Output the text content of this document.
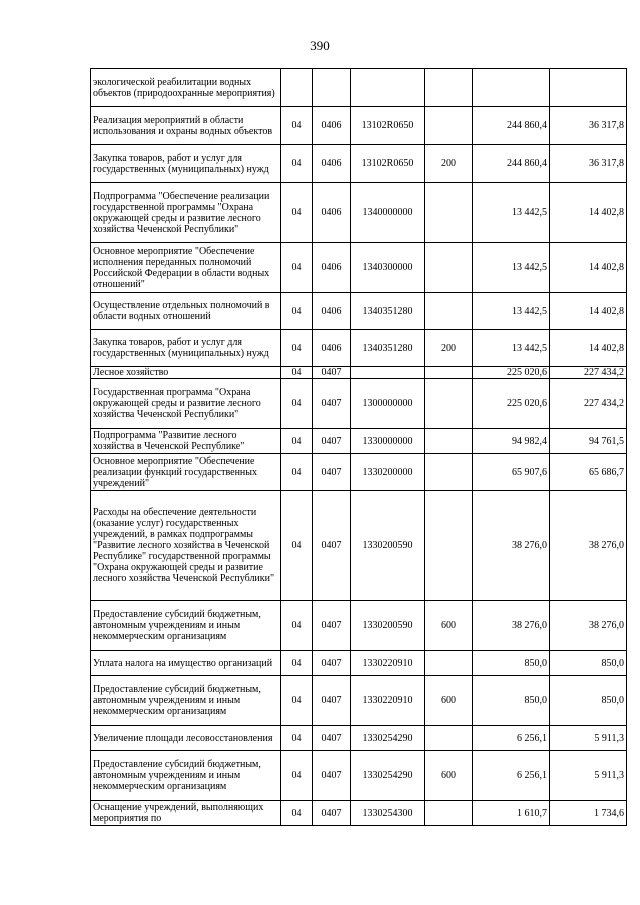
390
экологической реабилитации водных объектов (природоохранные мероприятия)						
Реализация мероприятий в области использования и охраны водных объектов	04	0406	13102R0650		244 860,4	36 317,8
Закупка товаров, работ и услуг для государственных (муниципальных) нужд	04	0406	13102R0650	200	244 860,4	36 317,8
Подпрограмма "Обеспечение реализации государственной программы "Охрана окружающей среды и развитие лесного хозяйства Чеченской Республики"	04	0406	1340000000		13 442,5	14 402,8
Основное мероприятие "Обеспечение исполнения переданных полномочий Российской Федерации в области водных отношений"	04	0406	1340300000		13 442,5	14 402,8
Осуществление отдельных полномочий в области водных отношений	04	0406	1340351280		13 442,5	14 402,8
Закупка товаров, работ и услуг для государственных (муниципальных) нужд	04	0406	1340351280	200	13 442,5	14 402,8
Лесное хозяйство	04	0407			225 020,6	227 434,2
Государственная программа "Охрана окружающей среды и развитие лесного хозяйства Чеченской Республики"	04	0407	1300000000		225 020,6	227 434,2
Подпрограмма "Развитие лесного хозяйства в Чеченской Республике"	04	0407	1330000000		94 982,4	94 761,5
Основное мероприятие "Обеспечение реализации функций государственных учреждений"	04	0407	1330200000		65 907,6	65 686,7
Расходы на обеспечение деятельности (оказание услуг) государственных учреждений, в рамках подпрограммы "Развитие лесного хозяйства в Чеченской Республике" государственной программы "Охрана окружающей среды и развитие лесного хозяйства Чеченской Республики"	04	0407	1330200590		38 276,0	38 276,0
Предоставление субсидий бюджетным, автономным учреждениям и иным некоммерческим организациям	04	0407	1330200590	600	38 276,0	38 276,0
Уплата налога на имущество организаций	04	0407	1330220910		850,0	850,0
Предоставление субсидий бюджетным, автономным учреждениям и иным некоммерческим организациям	04	0407	1330220910	600	850,0	850,0
Увеличение площади лесовосстановления	04	0407	1330254290		6 256,1	5 911,3
Предоставление субсидий бюджетным, автономным учреждениям и иным некоммерческим организациям	04	0407	1330254290	600	6 256,1	5 911,3
Оснащение учреждений, выполняющих мероприятия по	04	0407	1330254300		1 610,7	1 734,6
